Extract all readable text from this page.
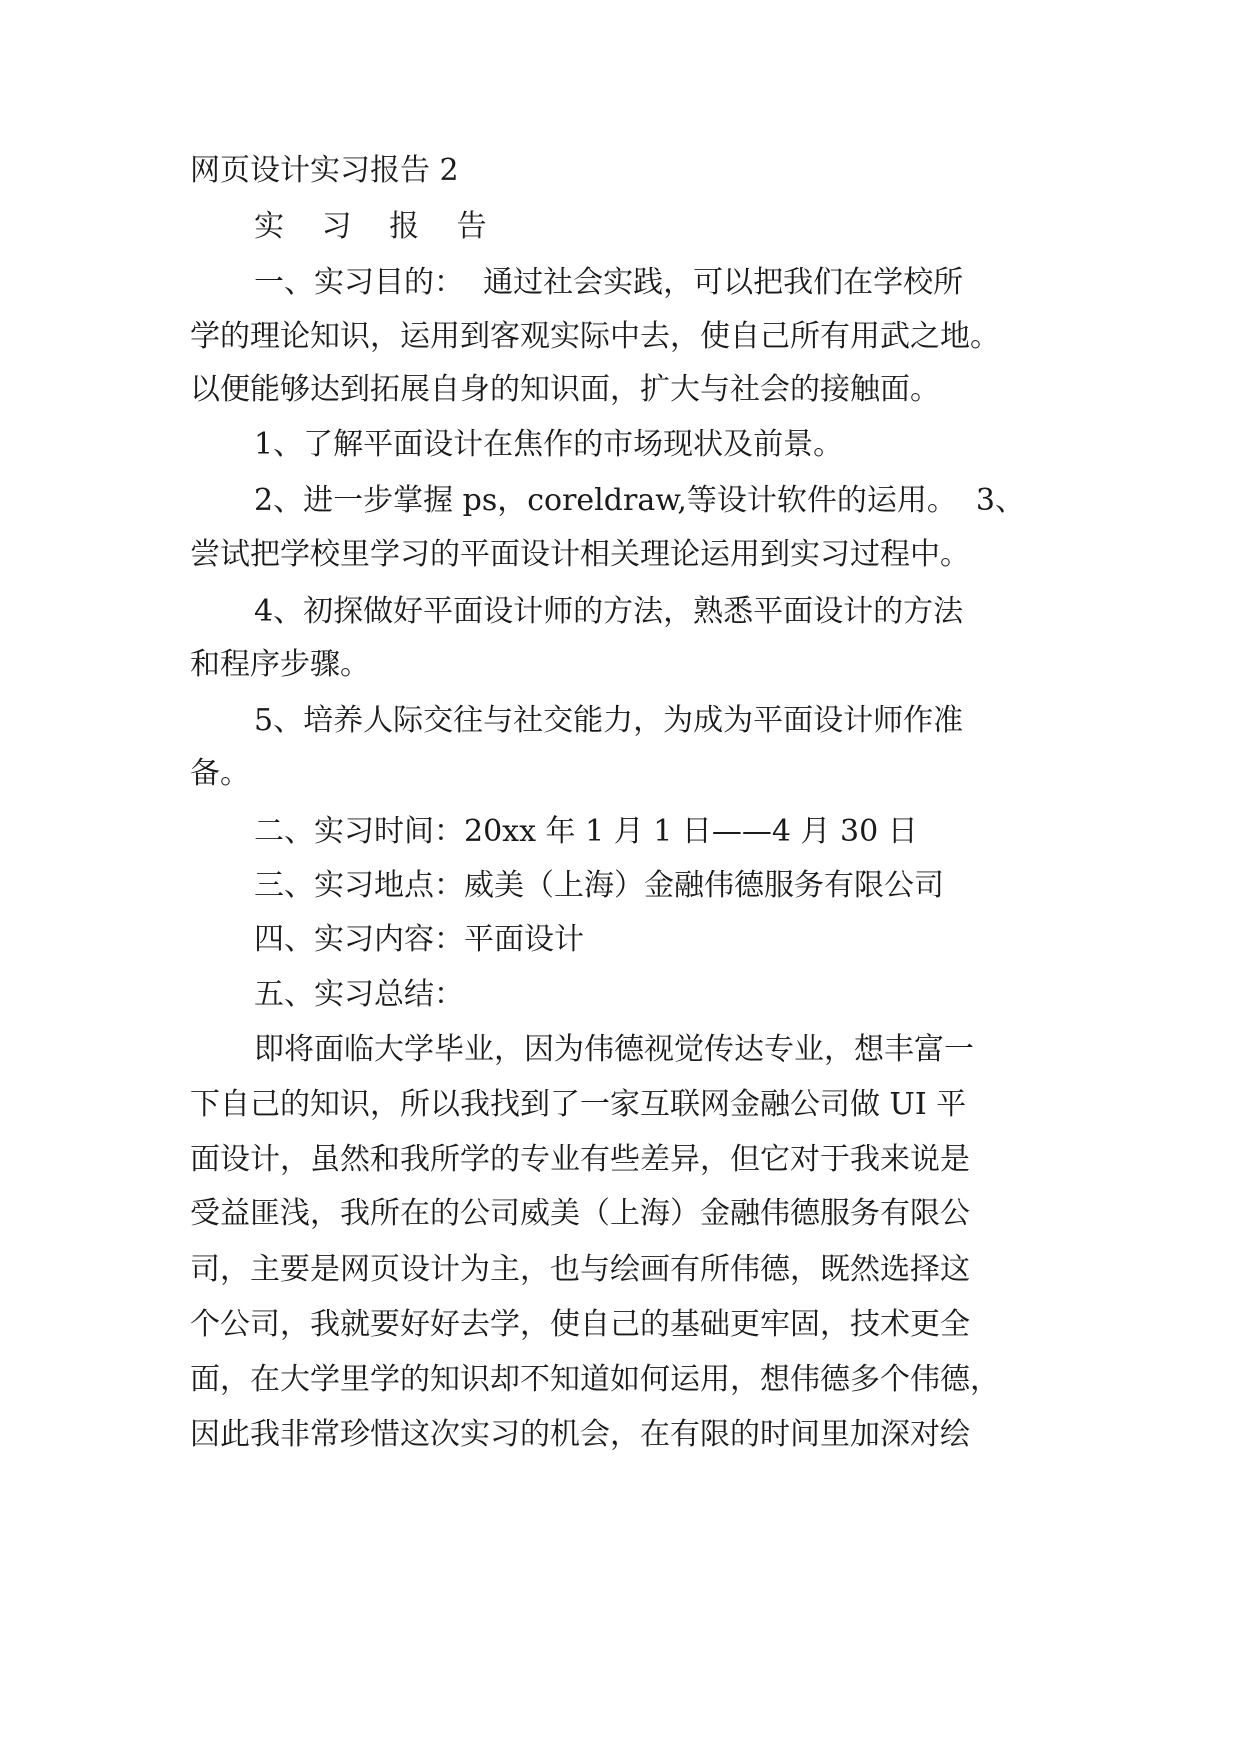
网页设计实习报告 2
实 习 报 告
一、实习目的：  通过社会实践，可以把我们在学校所
学的理论知识，运用到客观实际中去，使自己所有用武之地。
以便能够达到拓展自身的知识面，扩大与社会的接触面。
1、了解平面设计在焦作的市场现状及前景。
2、进一步掌握 ps，coreldraw,等设计软件的运用。  3、
尝试把学校里学习的平面设计相关理论运用到实习过程中。
4、初探做好平面设计师的方法，熟悉平面设计的方法
和程序步骤。
5、培养人际交往与社交能力，为成为平面设计师作准
备。
二、实习时间：20xx 年 1 月 1 日——4 月 30 日
三、实习地点：威美（上海）金融伟德服务有限公司
四、实习内容：平面设计
五、实习总结：
即将面临大学毕业，因为伟德视觉传达专业，想丰富一
下自己的知识，所以我找到了一家互联网金融公司做 UI 平
面设计，虽然和我所学的专业有些差异，但它对于我来说是
受益匪浅，我所在的公司威美（上海）金融伟德服务有限公
司，主要是网页设计为主，也与绘画有所伟德，既然选择这
个公司，我就要好好去学，使自己的基础更牢固，技术更全
面，在大学里学的知识却不知道如何运用，想伟德多个伟德，
因此我非常珍惜这次实习的机会，在有限的时间里加深对绘
